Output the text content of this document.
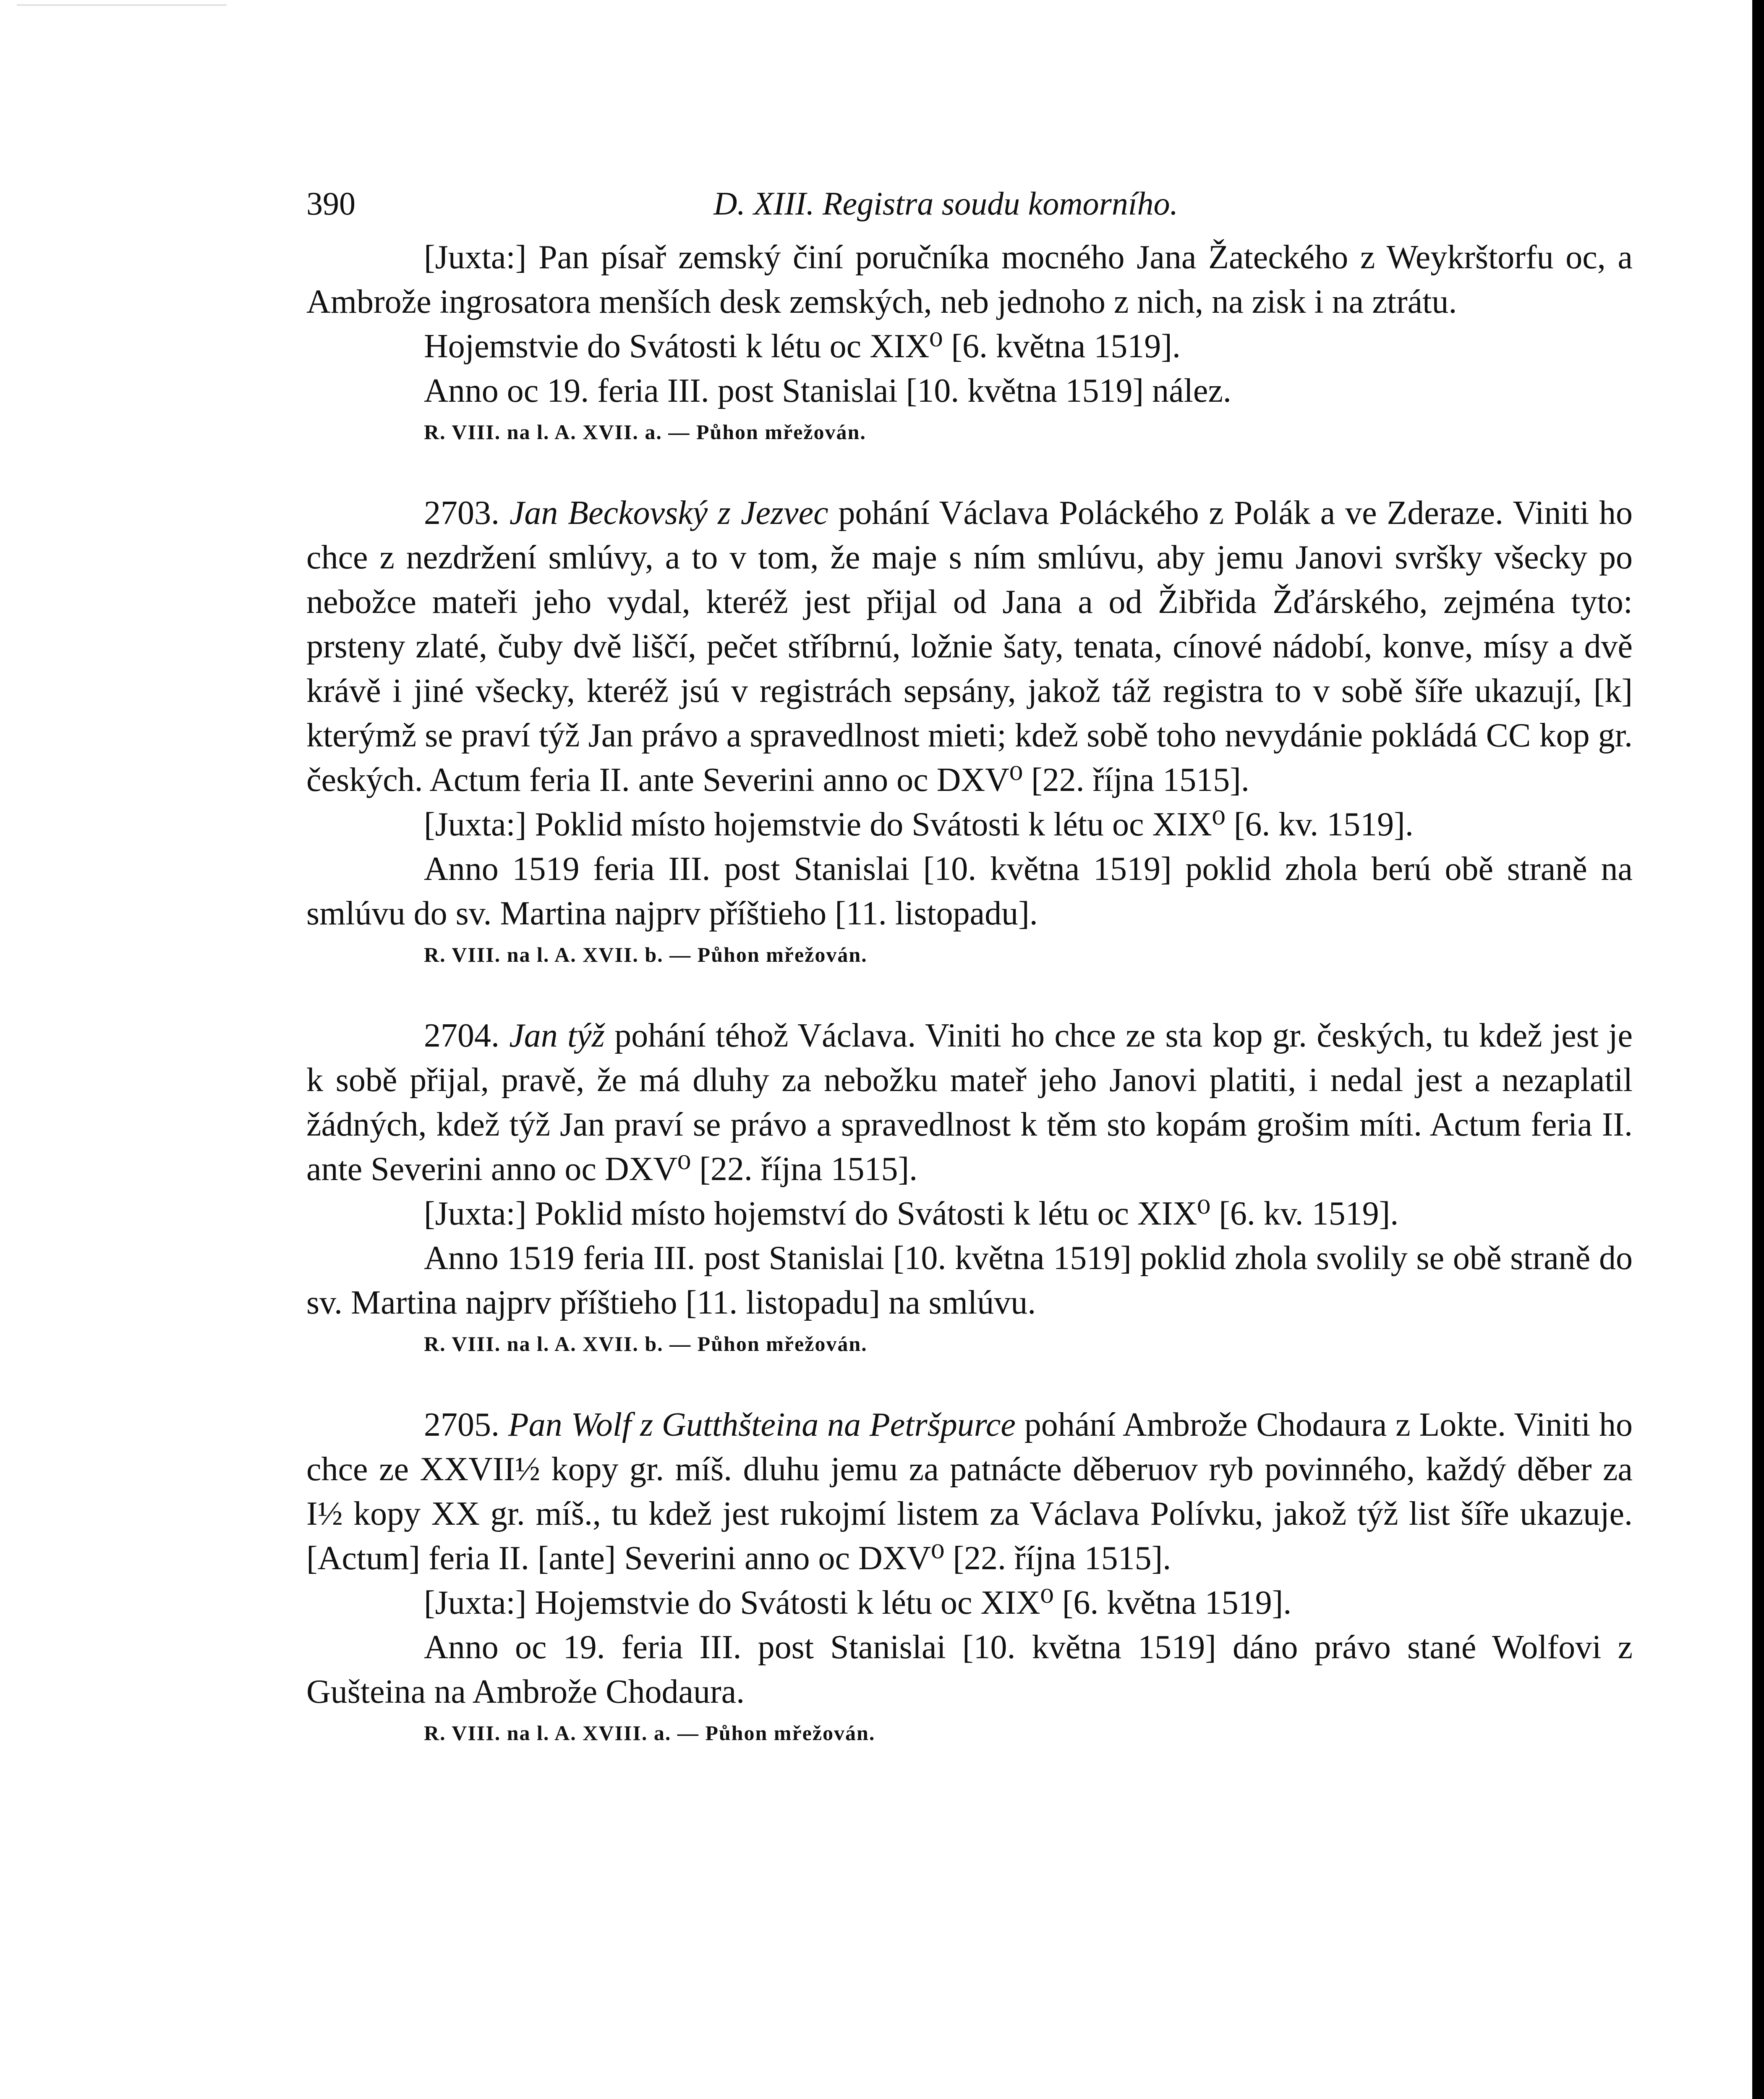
390	D. XIII. Registra soudu komorního.

[Juxta:] Pan písař zemský činí poručníka mocného Jana Žateckého z Weykrštorfu oc, a Ambrože ingrosatora menších desk zemských, neb jednoho z nich, na zisk i na ztrátu.

Hojemstvie do Svátosti k létu oc XIX⁰ [6. května 1519].

Anno oc 19. feria III. post Stanislai [10. května 1519] nález.

R. VIII. na l. A. XVII. a. — Půhon mřežován.

2703. Jan Beckovský z Jezvec pohání Václava Poláckého z Polák a ve Zderaze. Viniti ho chce z nezdržení smlúvy, a to v tom, že maje s ním smlúvu, aby jemu Janovi svršky všecky po nebožce mateři jeho vydal, kteréž jest přijal od Jana a od Žibřida Žďárského, zejména tyto: prsteny zlaté, čuby dvě liščí, pečet stříbrnú, ložnie šaty, tenata, cínové nádobí, konve, mísy a dvě krávě i jiné všecky, kteréž jsú v registrách sepsány, jakož táž registra to v sobě šíře ukazují, [k] kterýmž se praví týž Jan právo a spravedlnost mieti; kdež sobě toho nevydánie pokládá CC kop gr. českých. Actum feria II. ante Severini anno oc DXV⁰ [22. října 1515].

[Juxta:] Poklid místo hojemstvie do Svátosti k létu oc XIX⁰ [6. kv. 1519].

Anno 1519 feria III. post Stanislai [10. května 1519] poklid zhola berú obě straně na smlúvu do sv. Martina najprv příštieho [11. listopadu].

R. VIII. na l. A. XVII. b. — Půhon mřežován.

2704. Jan týž pohání téhož Václava. Viniti ho chce ze sta kop gr. českých, tu kdež jest je k sobě přijal, pravě, že má dluhy za nebožku mateř jeho Janovi platiti, i nedal jest a nezaplatil žádných, kdež týž Jan praví se právo a spravedlnost k těm sto kopám grošim míti. Actum feria II. ante Severini anno oc DXV⁰ [22. října 1515].

[Juxta:] Poklid místo hojemství do Svátosti k létu oc XIX⁰ [6. kv. 1519].

Anno 1519 feria III. post Stanislai [10. května 1519] poklid zhola svolily se obě straně do sv. Martina najprv příštieho [11. listopadu] na smlúvu.

R. VIII. na l. A. XVII. b. — Půhon mřežován.

2705. Pan Wolf z Gutthšteina na Petršpurce pohání Ambrože Chodaura z Lokte. Viniti ho chce ze XXVII½ kopy gr. míš. dluhu jemu za patnácte děberuov ryb povinného, každý děber za I½ kopy XX gr. míš., tu kdež jest rukojmí listem za Václava Polívku, jakož týž list šíře ukazuje. [Actum] feria II. [ante] Severini anno oc DXV⁰ [22. října 1515].

[Juxta:] Hojemstvie do Svátosti k létu oc XIX⁰ [6. května 1519].

Anno oc 19. feria III. post Stanislai [10. května 1519] dáno právo stané Wolfovi z Gušteina na Ambrože Chodaura.

R. VIII. na l. A. XVIII. a. — Půhon mřežován.
